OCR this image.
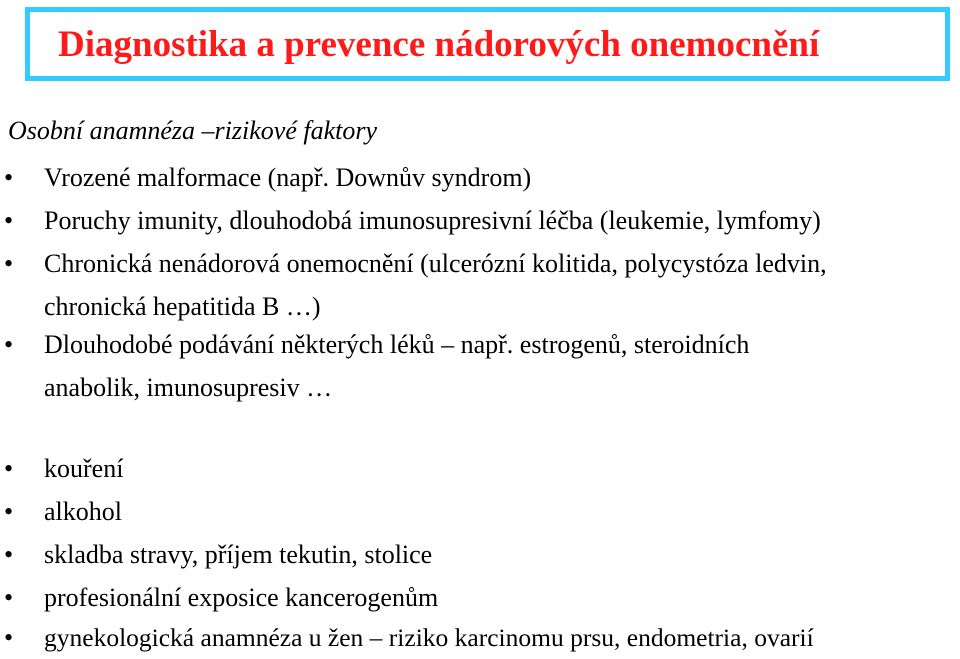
Diagnostika a prevence nádorových onemocnění
Osobní anamnéza –rizikové faktory
• Vrozené malformace (např. Downův syndrom)
• Poruchy imunity, dlouhodobá imunosupresivní léčba (leukemie, lymfomy)
• Chronická nenádorová onemocnění (ulcerózní kolitida, polycystóza ledvin,
chronická hepatitida B …)
• Dlouhodobé podávání některých léků – např. estrogenů, steroidních
anabolik, imunosupresiv …
• kouření
• alkohol
• skladba stravy, příjem tekutin, stolice
• profesionální exposice kancerogenům
• gynekologická anamnéza u žen – riziko karcinomu prsu, endometria, ovarií
